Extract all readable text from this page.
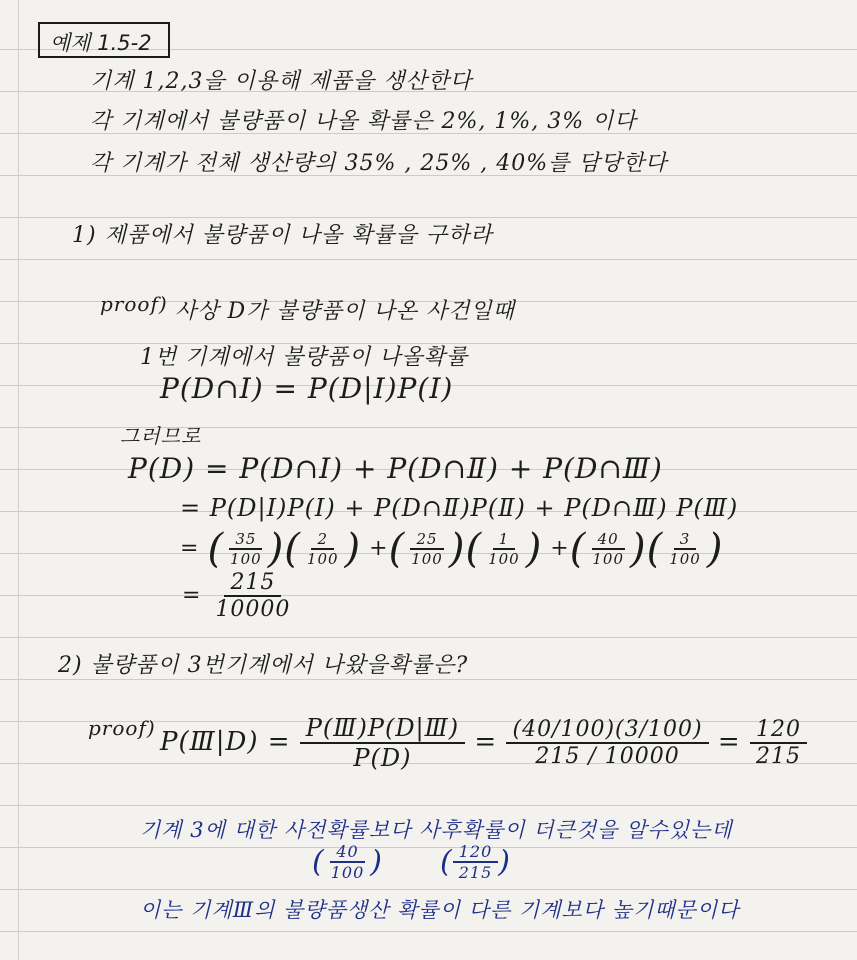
예제 1.5-2
기계 1,2,3을 이용해 제품을 생산한다
각 기계에서 불량품이 나올 확률은 2%, 1%, 3% 이다
각 기계가 전체 생산량의 35% , 25% , 40%를 담당한다
1) 제품에서 불량품이 나올 확률을 구하라
proof) 사상 D가 불량품이 나온 사건일때
1번 기계에서 불량품이 나올확률
P(D∩Ⅰ) = P(D|Ⅰ)P(Ⅰ)
그러므로
P(D) = P(D∩Ⅰ) + P(D∩Ⅱ) + P(D∩Ⅲ)
= P(D|Ⅰ)P(Ⅰ) + P(D∩Ⅱ)P(Ⅱ) + P(D∩Ⅲ) P(Ⅲ)
= ( $\frac{35}{100}$ )( $\frac{2}{100}$ ) +( $\frac{25}{100}$ )( $\frac{1}{100}$ ) +( $\frac{40}{100}$ )( $\frac{3}{100}$ )
= $\frac{215}{10000}$
2) 불량품이 3번기계에서 나왔을확률은?
proof) P(Ⅲ|D) = $\frac{\text{P(Ⅲ)P(D|Ⅲ)}}{P(D)} = \frac{(40/100)(3/100)}{215 / 10000} = \frac{120}{215}$
기계 3에 대한 사전확률보다 사후확률이 더큰것을 알수있는데
( $\frac{40}{100}$ ) ( $\frac{120}{215}$ )
이는 기계Ⅲ의 불량품생산 확률이 다른 기계보다 높기때문이다
